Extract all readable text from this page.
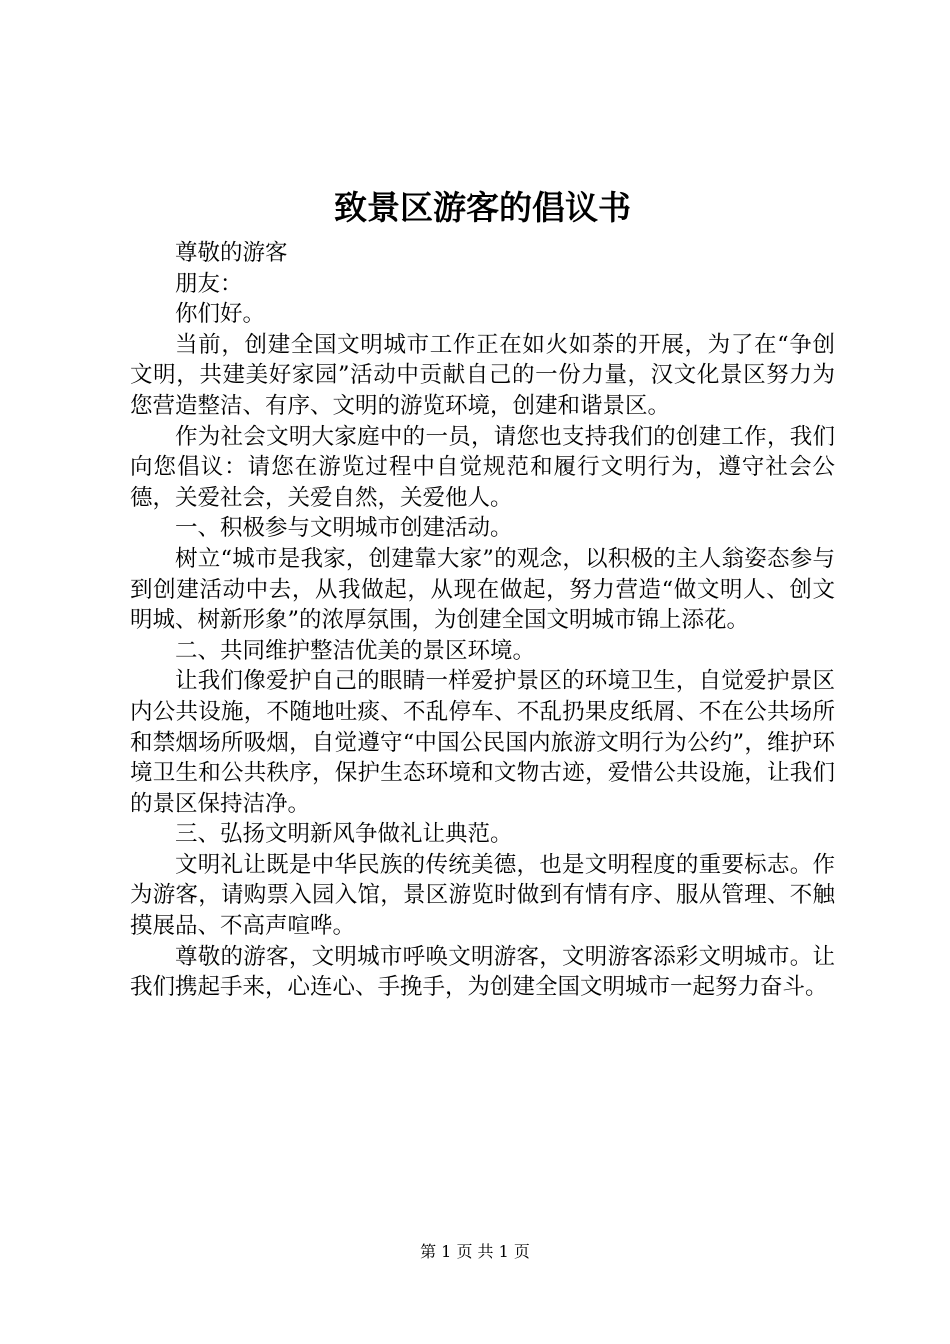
致景区游客的倡议书

尊敬的游客

朋友：

你们好。

当前，创建全国文明城市工作正在如火如荼的开展，为了在“争创文明，共建美好家园”活动中贡献自己的一份力量，汉文化景区努力为您营造整洁、有序、文明的游览环境，创建和谐景区。

作为社会文明大家庭中的一员，请您也支持我们的创建工作，我们向您倡议：请您在游览过程中自觉规范和履行文明行为，遵守社会公德，关爱社会，关爱自然，关爱他人。

一、积极参与文明城市创建活动。

树立“城市是我家，创建靠大家”的观念，以积极的主人翁姿态参与到创建活动中去，从我做起，从现在做起，努力营造“做文明人、创文明城、树新形象”的浓厚氛围，为创建全国文明城市锦上添花。

二、共同维护整洁优美的景区环境。

让我们像爱护自己的眼睛一样爱护景区的环境卫生，自觉爱护景区内公共设施，不随地吐痰、不乱停车、不乱扔果皮纸屑、不在公共场所和禁烟场所吸烟，自觉遵守“中国公民国内旅游文明行为公约”，维护环境卫生和公共秩序，保护生态环境和文物古迹，爱惜公共设施，让我们的景区保持洁净。

三、弘扬文明新风争做礼让典范。

文明礼让既是中华民族的传统美德，也是文明程度的重要标志。作为游客，请购票入园入馆，景区游览时做到有情有序、服从管理、不触摸展品、不高声喧哗。

尊敬的游客，文明城市呼唤文明游客，文明游客添彩文明城市。让我们携起手来，心连心、手挽手，为创建全国文明城市一起努力奋斗。

第 1 页 共 1 页
